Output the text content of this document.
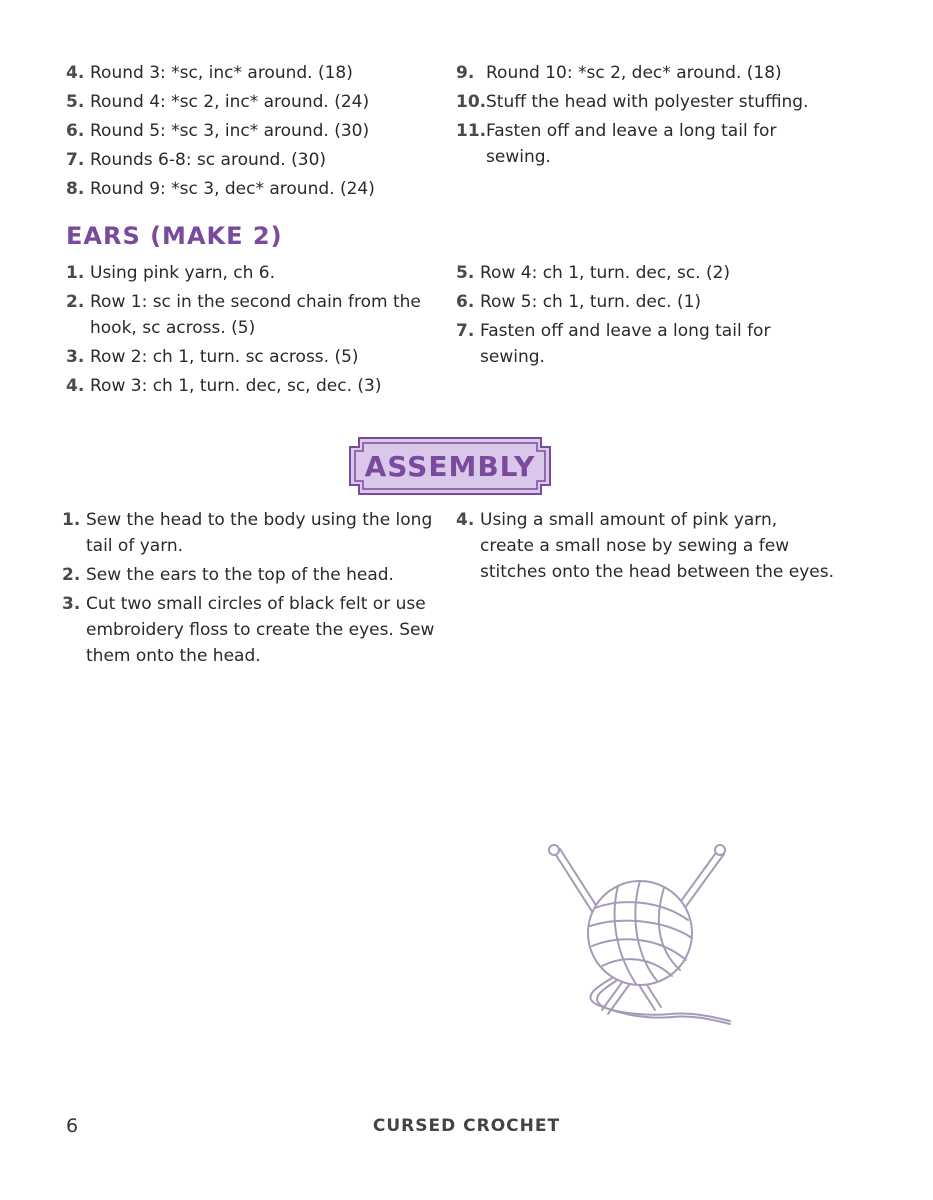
4. Round 3: *sc, inc* around. (18)
5. Round 4: *sc 2, inc* around. (24)
6. Round 5: *sc 3, inc* around. (30)
7. Rounds 6-8: sc around. (30)
8. Round 9: *sc 3, dec* around. (24)
9. Round 10: *sc 2, dec* around. (18)
10. Stuff the head with polyester stuffing.
11. Fasten off and leave a long tail for sewing.
EARS (MAKE 2)
1. Using pink yarn, ch 6.
2. Row 1: sc in the second chain from the hook, sc across. (5)
3. Row 2: ch 1, turn. sc across. (5)
4. Row 3: ch 1, turn. dec, sc, dec. (3)
5. Row 4: ch 1, turn. dec, sc. (2)
6. Row 5: ch 1, turn. dec. (1)
7. Fasten off and leave a long tail for sewing.
ASSEMBLY
1. Sew the head to the body using the long tail of yarn.
2. Sew the ears to the top of the head.
3. Cut two small circles of black felt or use embroidery floss to create the eyes. Sew them onto the head.
4. Using a small amount of pink yarn, create a small nose by sewing a few stitches onto the head between the eyes.
6	CURSED CROCHET
